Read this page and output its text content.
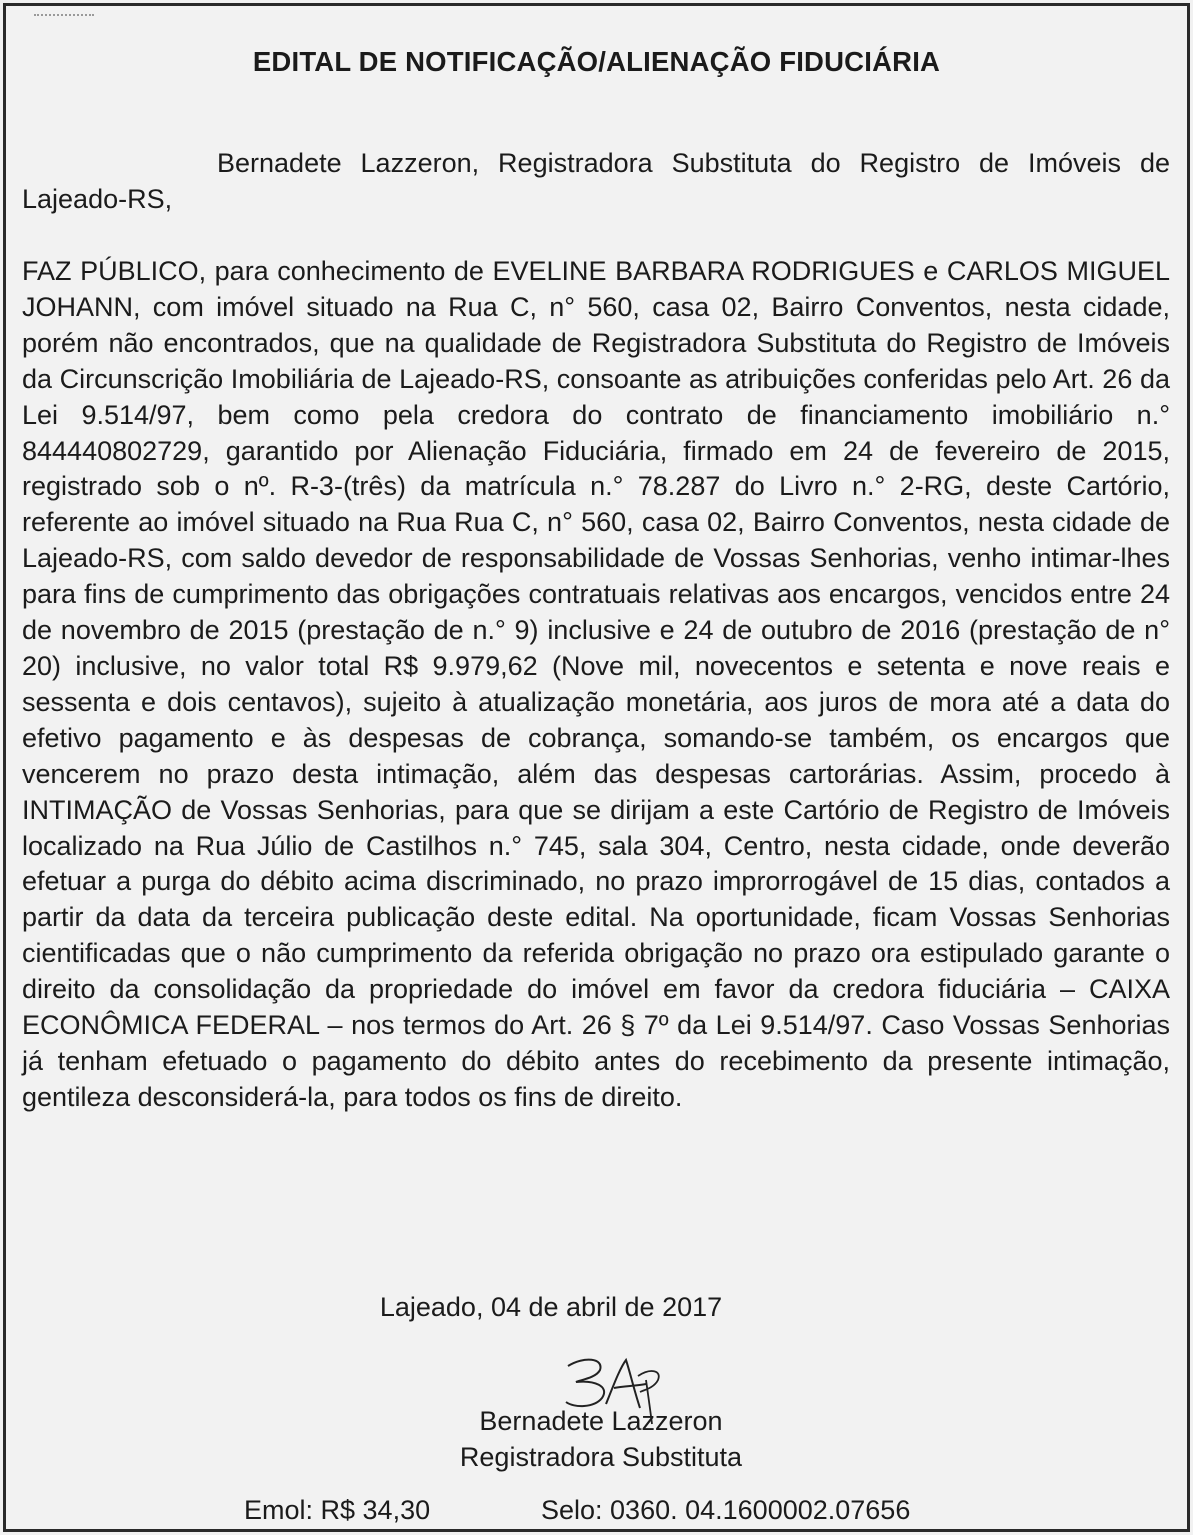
EDITAL DE NOTIFICAÇÃO/ALIENAÇÃO FIDUCIÁRIA

Bernadete Lazzeron, Registradora Substituta do Registro de Imóveis de Lajeado-RS,

FAZ PÚBLICO, para conhecimento de EVELINE BARBARA RODRIGUES e CARLOS MIGUEL JOHANN, com imóvel situado na Rua C, n° 560, casa 02, Bairro Conventos, nesta cidade, porém não encontrados, que na qualidade de Registradora Substituta do Registro de Imóveis da Circunscrição Imobiliária de Lajeado-RS, consoante as atribuições conferidas pelo Art. 26 da Lei 9.514/97, bem como pela credora do contrato de financiamento imobiliário n.° 844440802729, garantido por Alienação Fiduciária, firmado em 24 de fevereiro de 2015, registrado sob o nº. R-3-(três) da matrícula n.° 78.287 do Livro n.° 2-RG, deste Cartório, referente ao imóvel situado na Rua Rua C, n° 560, casa 02, Bairro Conventos, nesta cidade de Lajeado-RS, com saldo devedor de responsabilidade de Vossas Senhorias, venho intimar-lhes para fins de cumprimento das obrigações contratuais relativas aos encargos, vencidos entre 24 de novembro de 2015 (prestação de n.° 9) inclusive e 24 de outubro de 2016 (prestação de n° 20) inclusive, no valor total R$ 9.979,62 (Nove mil, novecentos e setenta e nove reais e sessenta e dois centavos), sujeito à atualização monetária, aos juros de mora até a data do efetivo pagamento e às despesas de cobrança, somando-se também, os encargos que vencerem no prazo desta intimação, além das despesas cartorárias. Assim, procedo à INTIMAÇÃO de Vossas Senhorias, para que se dirijam a este Cartório de Registro de Imóveis localizado na Rua Júlio de Castilhos n.° 745, sala 304, Centro, nesta cidade, onde deverão efetuar a purga do débito acima discriminado, no prazo improrrogável de 15 dias, contados a partir da data da terceira publicação deste edital. Na oportunidade, ficam Vossas Senhorias cientificadas que o não cumprimento da referida obrigação no prazo ora estipulado garante o direito da consolidação da propriedade do imóvel em favor da credora fiduciária – CAIXA ECONÔMICA FEDERAL – nos termos do Art. 26 § 7º da Lei 9.514/97. Caso Vossas Senhorias já tenham efetuado o pagamento do débito antes do recebimento da presente intimação, gentileza desconsiderá-la, para todos os fins de direito.

Lajeado, 04 de abril de 2017
Bernadete Lazzeron
Registradora Substituta
Emol: R$ 34,30	Selo: 0360. 04.1600002.07656
